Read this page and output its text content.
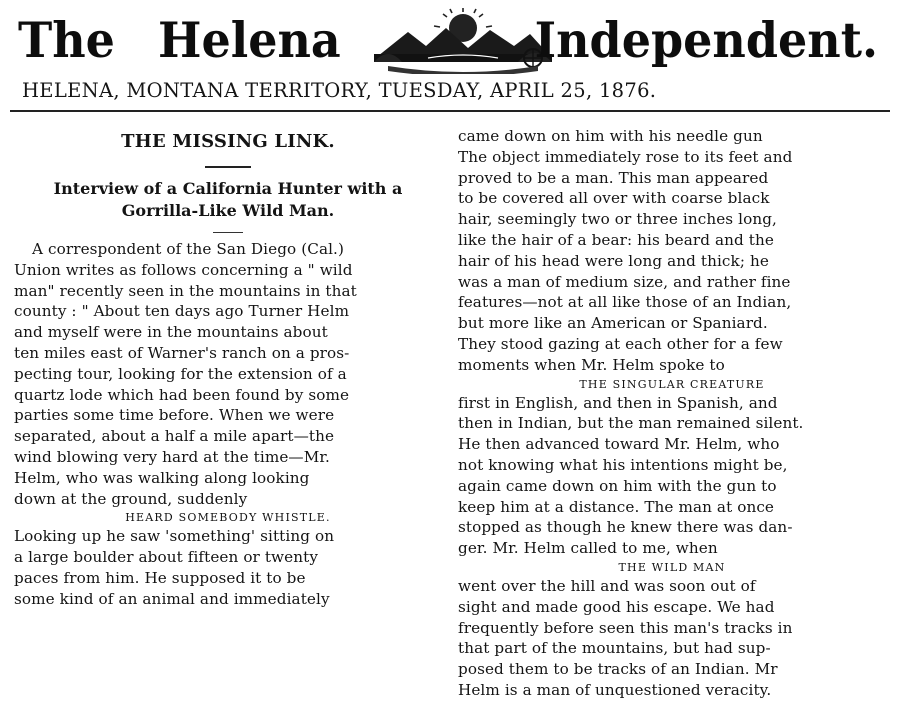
The Helena	Independent.
HELENA, MONTANA TERRITORY, TUESDAY, APRIL 25, 1876.
THE MISSING LINK.
Interview of a California Hunter with a
Gorrilla-Like Wild Man.
A correspondent of the San Diego (Cal.)
Union writes as follows concerning a " wild
man" recently seen in the mountains in that
county : " About ten days ago Turner Helm
and myself were in the mountains about
ten miles east of Warner's ranch on a pros-
pecting tour, looking for the extension of a
quartz lode which had been found by some
parties some time before. When we were
separated, about a half a mile apart—the
wind blowing very hard at the time—Mr.
Helm, who was walking along looking
down at the ground, suddenly
HEARD SOMEBODY WHISTLE.
Looking up he saw 'something' sitting on
a large boulder about fifteen or twenty
paces from him. He supposed it to be
some kind of an animal and immediately
came down on him with his needle gun
The object immediately rose to its feet and
proved to be a man. This man appeared
to be covered all over with coarse black
hair, seemingly two or three inches long,
like the hair of a bear: his beard and the
hair of his head were long and thick; he
was a man of medium size, and rather fine
features—not at all like those of an Indian,
but more like an American or Spaniard.
They stood gazing at each other for a few
moments when Mr. Helm spoke to
THE SINGULAR CREATURE
first in English, and then in Spanish, and
then in Indian, but the man remained silent.
He then advanced toward Mr. Helm, who
not knowing what his intentions might be,
again came down on him with the gun to
keep him at a distance. The man at once
stopped as though he knew there was dan-
ger. Mr. Helm called to me, when
THE WILD MAN
went over the hill and was soon out of
sight and made good his escape. We had
frequently before seen this man's tracks in
that part of the mountains, but had sup-
posed them to be tracks of an Indian. Mr
Helm is a man of unquestioned veracity.
